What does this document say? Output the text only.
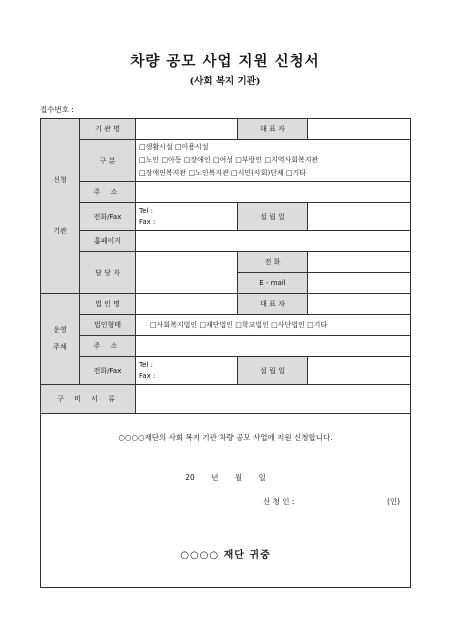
차량 공모 사업 지원 신청서
(사회 복지 기관)
접수번호 :
신청

기관	기 관 명		대 표 자	
	구 분	□생활시설 □이용시설
□노인 □아동 □장애인 □여성 □부랑인 □지역사회복지관
□장애인복지관 □노인복지관 □시민(사회)단체 □기타		

	주 소			
	전화/Fax	Tel :
Fax :	설 립 일	
	홈페이지			
	담 당 자		전 화	
			E - mail	
운영
주체	법 인 명		대 표 자	
	법인형태	□사회복지법인 □재단법인 □학교법인 □사단법인 □기타		
	주 소			
	전화/Fax	Tel :
Fax :	설 립 일	
구 비 서 류				

○○○○재단의 사회 복지 기관 차량 공모 사업에 지원 신청합니다.
20 년 월 일
신 청 인 : (인)
○○○○ 재단 귀중				
